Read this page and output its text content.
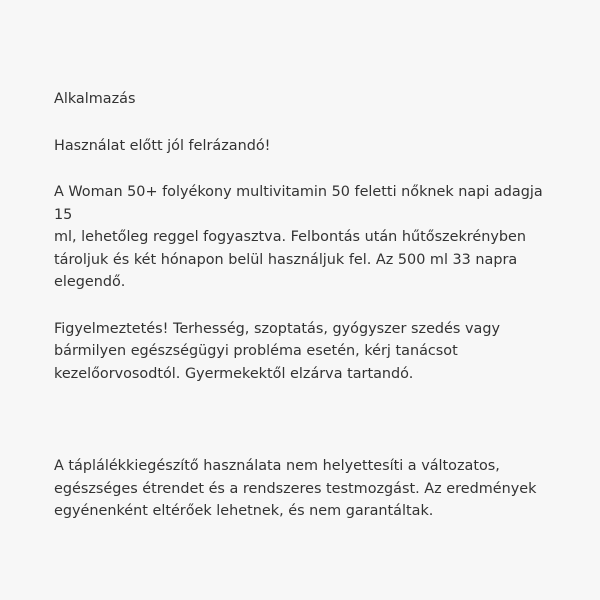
Alkalmazás

Használat előtt jól felrázandó!

A Woman 50+ folyékony multivitamin 50 feletti nőknek napi adagja 15
ml, lehetőleg reggel fogyasztva. Felbontás után hűtőszekrényben
tároljuk és két hónapon belül használjuk fel. Az 500 ml 33 napra
elegendő.

Figyelmeztetés! Terhesség, szoptatás, gyógyszer szedés vagy
bármilyen egészségügyi probléma esetén, kérj tanácsot
kezelőorvosodtól. Gyermekektől elzárva tartandó.

A táplálékkiegészítő használata nem helyettesíti a változatos,
egészséges étrendet és a rendszeres testmozgást. Az eredmények
egyénenként eltérőek lehetnek, és nem garantáltak.
